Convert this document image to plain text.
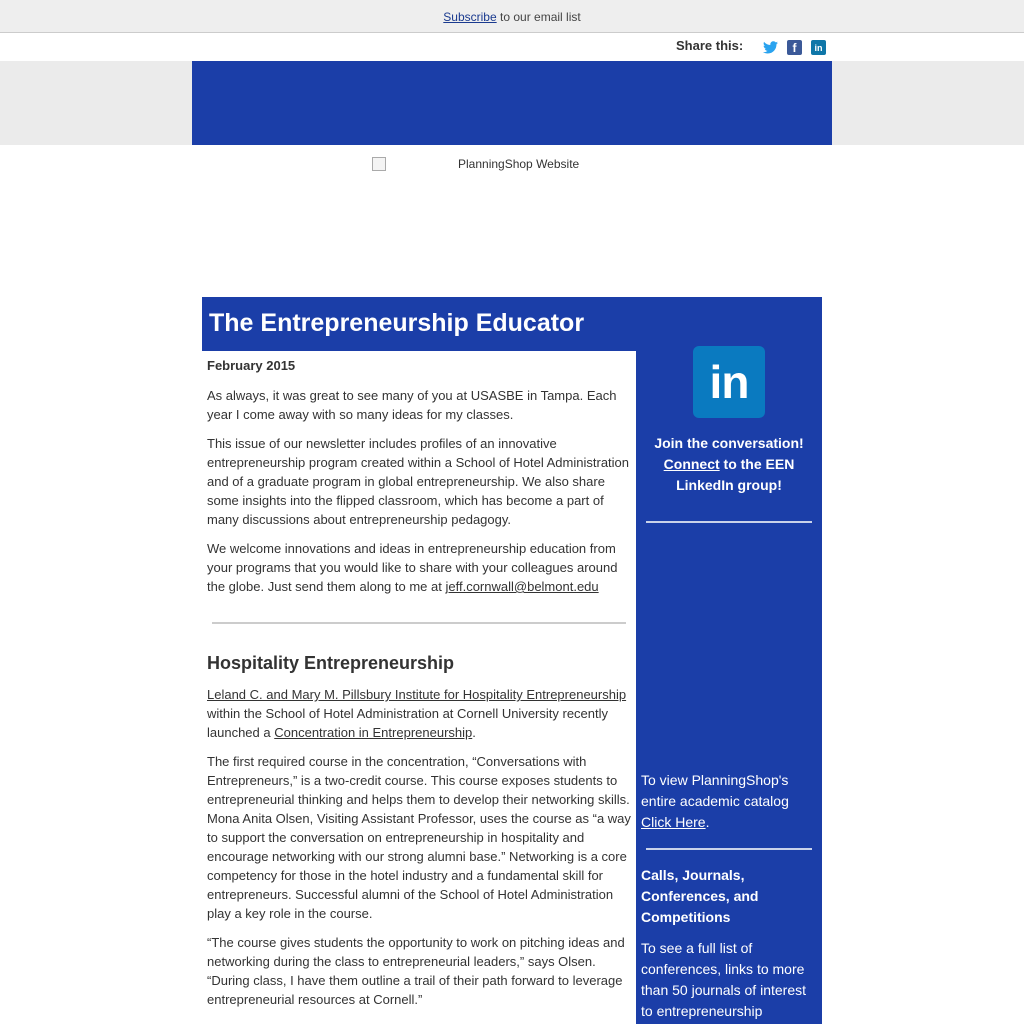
Subscribe to our email list
Share this:	f	in
PlanningShop Website
The Entrepreneurship Educator
in
Join the conversation!
Connect to the EEN LinkedIn group!
To view PlanningShop's entire academic catalog Click Here.
Calls, Journals, Conferences, and Competitions
To see a full list of conferences, links to more than 50 journals of interest to entrepreneurship
February 2015

As always, it was great to see many of you at USASBE in Tampa. Each year I come away with so many ideas for my classes.

This issue of our newsletter includes profiles of an innovative entrepreneurship program created within a School of Hotel Administration and of a graduate program in global entrepreneurship. We also share some insights into the flipped classroom, which has become a part of many discussions about entrepreneurship pedagogy.

We welcome innovations and ideas in entrepreneurship education from your programs that you would like to share with your colleagues around the globe. Just send them along to me at jeff.cornwall@belmont.edu

Hospitality Entrepreneurship

Leland C. and Mary M. Pillsbury Institute for Hospitality Entrepreneurship within the School of Hotel Administration at Cornell University recently launched a Concentration in Entrepreneurship.

The first required course in the concentration, “Conversations with Entrepreneurs,” is a two-credit course. This course exposes students to entrepreneurial thinking and helps them to develop their networking skills. Mona Anita Olsen, Visiting Assistant Professor, uses the course as “a way to support the conversation on entrepreneurship in hospitality and encourage networking with our strong alumni base.” Networking is a core competency for those in the hotel industry and a fundamental skill for entrepreneurs. Successful alumni of the School of Hotel Administration play a key role in the course.

“The course gives students the opportunity to work on pitching ideas and networking during the class to entrepreneurial leaders,” says Olsen. “During class, I have them outline a trail of their path forward to leverage entrepreneurial resources at Cornell.”
